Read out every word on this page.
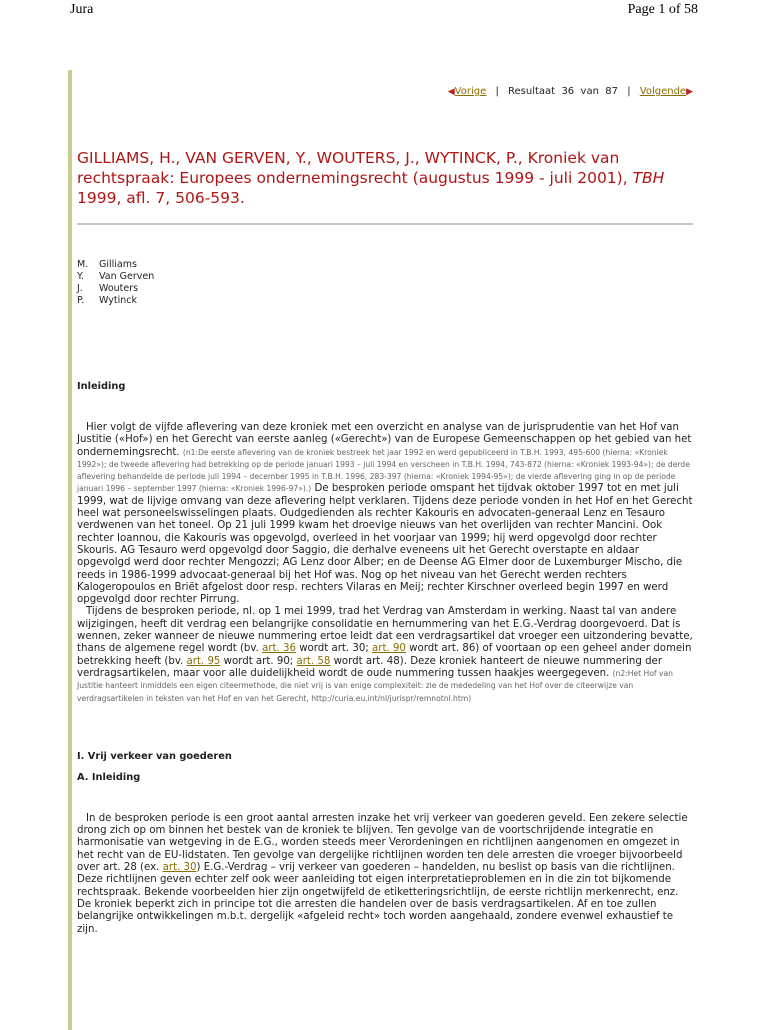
Jura	Page 1 of 58
◀Vorige | Resultaat 36 van 87 | Volgende▶
GILLIAMS, H., VAN GERVEN, Y., WOUTERS, J., WYTINCK, P., Kroniek van rechtspraak: Europees ondernemingsrecht (augustus 1999 - juli 2001), TBH 1999, afl. 7, 506-593.
M. Gilliams
Y. Van Gerven
J. Wouters
P. Wytinck
Inleiding

Hier volgt de vijfde aflevering van deze kroniek met een overzicht en analyse van de jurisprudentie van het Hof van Justitie («Hof») en het Gerecht van eerste aanleg («Gerecht») van de Europese Gemeenschappen op het gebied van het ondernemingsrecht. (n1:De eerste aflevering van de kroniek bestreek het jaar 1992 en werd gepubliceerd in T.B.H. 1993, 495-600 (hierna: «Kroniek 1992»); de tweede aflevering had betrekking op de periode januari 1993 – juli 1994 en verscheen in T.B.H. 1994, 743-872 (hierna: «Kroniek 1993-94»); de derde aflevering behandelde de periode juli 1994 – december 1995 in T.B.H. 1996, 283-397 (hierna: «Kroniek 1994-95»); de vierde aflevering ging in op de periode januari 1996 – september 1997 (hierna: «Kroniek 1996-97»).) De besproken periode omspant het tijdvak oktober 1997 tot en met juli 1999, wat de lijvige omvang van deze aflevering helpt verklaren. Tijdens deze periode vonden in het Hof en het Gerecht heel wat personeelswisselingen plaats. Oudgedienden als rechter Kakouris en advocaten-generaal Lenz en Tesauro verdwenen van het toneel. Op 21 juli 1999 kwam het droevige nieuws van het overlijden van rechter Mancini. Ook rechter Ioannou, die Kakouris was opgevolgd, overleed in het voorjaar van 1999; hij werd opgevolgd door rechter Skouris. AG Tesauro werd opgevolgd door Saggio, die derhalve eveneens uit het Gerecht overstapte en aldaar opgevolgd werd door rechter Mengozzi; AG Lenz door Alber; en de Deense AG Elmer door de Luxemburger Mischo, die reeds in 1986-1999 advocaat-generaal bij het Hof was. Nog op het niveau van het Gerecht werden rechters Kalogeropoulos en Briët afgelost door resp. rechters Vilaras en Meij; rechter Kirschner overleed begin 1997 en werd opgevolgd door rechter Pirrung.

Tijdens de besproken periode, nl. op 1 mei 1999, trad het Verdrag van Amsterdam in werking. Naast tal van andere wijzigingen, heeft dit verdrag een belangrijke consolidatie en hernummering van het E.G.-Verdrag doorgevoerd. Dat is wennen, zeker wanneer de nieuwe nummering ertoe leidt dat een verdragsartikel dat vroeger een uitzondering bevatte, thans de algemene regel wordt (bv. art. 36 wordt art. 30; art. 90 wordt art. 86) of voortaan op een geheel ander domein betrekking heeft (bv. art. 95 wordt art. 90; art. 58 wordt art. 48). Deze kroniek hanteert de nieuwe nummering der verdragsartikelen, maar voor alle duidelijkheid wordt de oude nummering tussen haakjes weergegeven. (n2:Het Hof van Justitie hanteert inmiddels een eigen citeermethode, die niet vrij is van enige complexiteit: zie de mededeling van het Hof over de citeerwijze van verdragsartikelen in teksten van het Hof en van het Gerecht, http://curia.eu.int/nl/jurispr/remnotnl.htm)

I. Vrij verkeer van goederen
A. Inleiding

In de besproken periode is een groot aantal arresten inzake het vrij verkeer van goederen geveld. Een zekere selectie drong zich op om binnen het bestek van de kroniek te blijven. Ten gevolge van de voortschrijdende integratie en harmonisatie van wetgeving in de E.G., worden steeds meer Verordeningen en richtlijnen aangenomen en omgezet in het recht van de EU-lidstaten. Ten gevolge van dergelijke richtlijnen worden ten dele arresten die vroeger bijvoorbeeld over art. 28 (ex. art. 30) E.G.-Verdrag – vrij verkeer van goederen – handelden, nu beslist op basis van die richtlijnen. Deze richtlijnen geven echter zelf ook weer aanleiding tot eigen interpretatieproblemen en in die zin tot bijkomende rechtspraak. Bekende voorbeelden hier zijn ongetwijfeld de etiketteringsrichtlijn, de eerste richtlijn merkenrecht, enz. De kroniek beperkt zich in principe tot die arresten die handelen over de basis verdragsartikelen. Af en toe zullen belangrijke ontwikkelingen m.b.t. dergelijk «afgeleid recht» toch worden aangehaald, zondere evenwel exhaustief te zijn.
